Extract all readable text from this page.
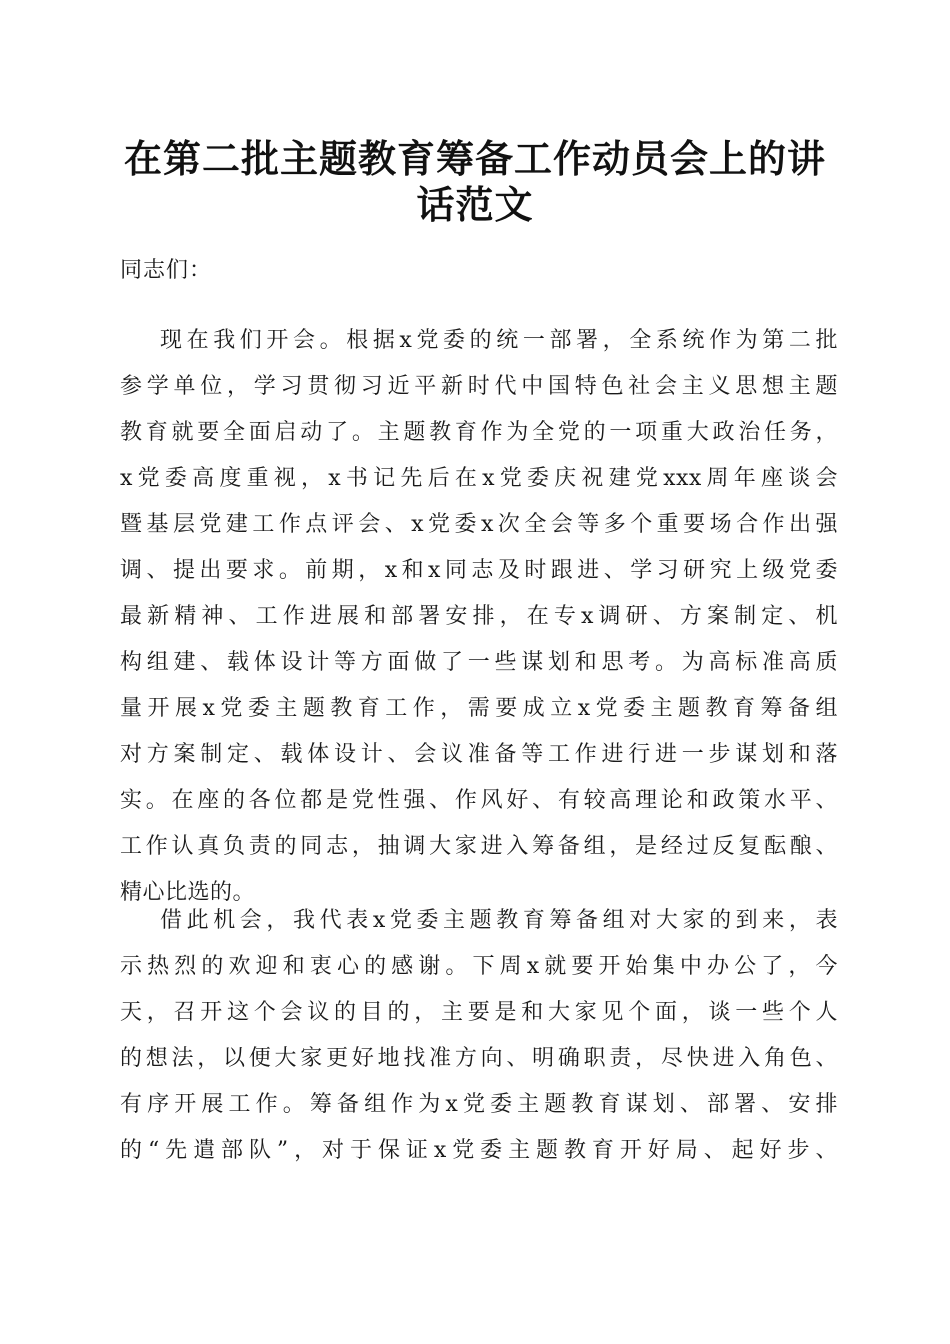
在第二批主题教育筹备工作动员会上的讲话范文

同志们：

现在我们开会。根据x党委的统一部署，全系统作为第二批
参学单位，学习贯彻习近平新时代中国特色社会主义思想主题
教育就要全面启动了。主题教育作为全党的一项重大政治任务，
x党委高度重视，x书记先后在x党委庆祝建党xxx周年座谈会
暨基层党建工作点评会、x党委x次全会等多个重要场合作出强
调、提出要求。前期，x和x同志及时跟进、学习研究上级党委
最新精神、工作进展和部署安排，在专x调研、方案制定、机
构组建、载体设计等方面做了一些谋划和思考。为高标准高质
量开展x党委主题教育工作，需要成立x党委主题教育筹备组
对方案制定、载体设计、会议准备等工作进行进一步谋划和落
实。在座的各位都是党性强、作风好、有较高理论和政策水平、
工作认真负责的同志，抽调大家进入筹备组，是经过反复酝酿、
精心比选的。
借此机会，我代表x党委主题教育筹备组对大家的到来，表
示热烈的欢迎和衷心的感谢。下周x就要开始集中办公了，今
天，召开这个会议的目的，主要是和大家见个面，谈一些个人
的想法，以便大家更好地找准方向、明确职责，尽快进入角色、
有序开展工作。筹备组作为x党委主题教育谋划、部署、安排
的“先遣部队”，对于保证x党委主题教育开好局、起好步、
